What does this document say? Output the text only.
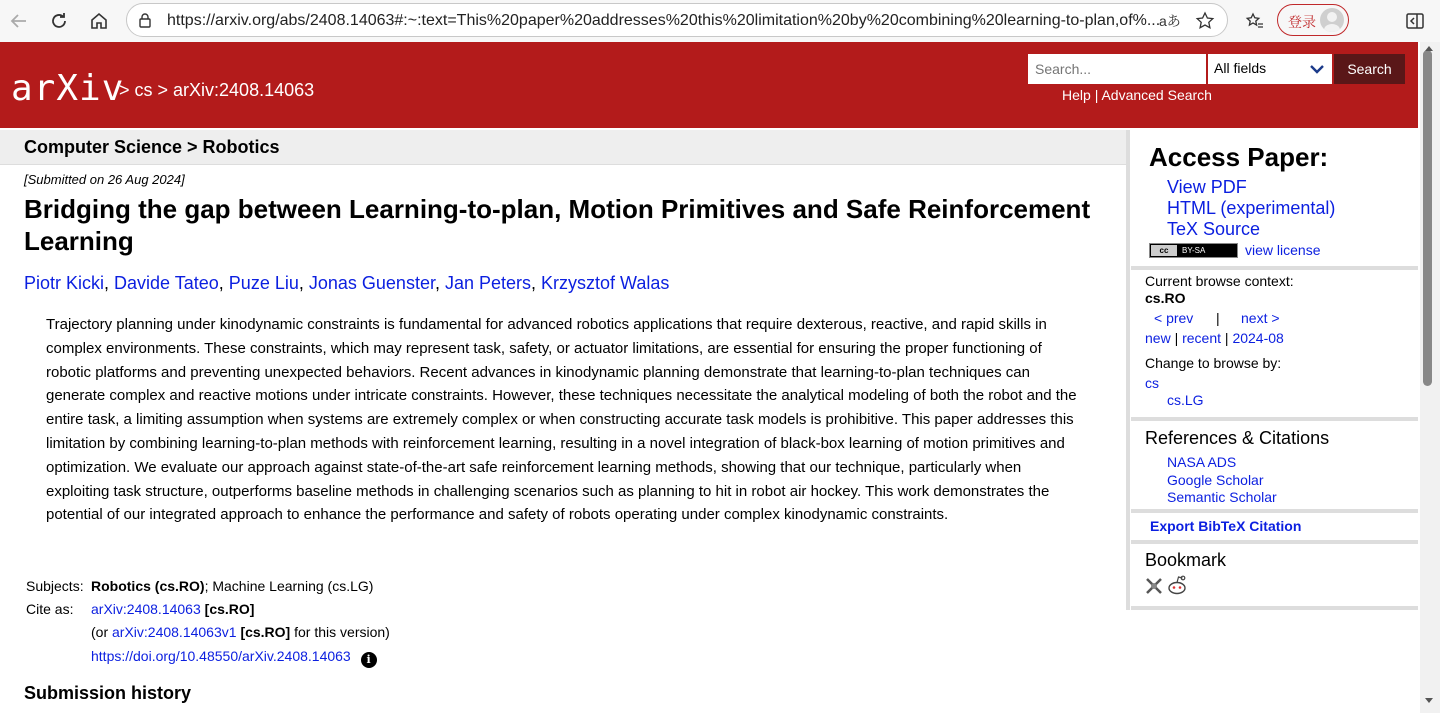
https://arxiv.org/abs/2408.14063#:~:text=This%20paper%20addresses%20this%20limitation%20by%20combining%20learning-to-plan,of%...
aあ	登录
arXiv
> cs > arXiv:2408.14063
Search...
All fields	Search
Help | Advanced Search
Computer Science > Robotics
[Submitted on 26 Aug 2024]
Bridging the gap between Learning-to-plan, Motion Primitives and Safe Reinforcement Learning
Piotr Kicki, Davide Tateo, Puze Liu, Jonas Guenster, Jan Peters, Krzysztof Walas
Trajectory planning under kinodynamic constraints is fundamental for advanced robotics applications that require dexterous, reactive, and rapid skills in complex environments. These constraints, which may represent task, safety, or actuator limitations, are essential for ensuring the proper functioning of robotic platforms and preventing unexpected behaviors. Recent advances in kinodynamic planning demonstrate that learning-to-plan techniques can generate complex and reactive motions under intricate constraints. However, these techniques necessitate the analytical modeling of both the robot and the entire task, a limiting assumption when systems are extremely complex or when constructing accurate task models is prohibitive. This paper addresses this limitation by combining learning-to-plan methods with reinforcement learning, resulting in a novel integration of black-box learning of motion primitives and optimization. We evaluate our approach against state-of-the-art safe reinforcement learning methods, showing that our technique, particularly when exploiting task structure, outperforms baseline methods in challenging scenarios such as planning to hit in robot air hockey. This work demonstrates the potential of our integrated approach to enhance the performance and safety of robots operating under complex kinodynamic constraints.
Subjects: Robotics (cs.RO); Machine Learning (cs.LG)
Cite as: arXiv:2408.14063 [cs.RO]
(or arXiv:2408.14063v1 [cs.RO] for this version)
https://doi.org/10.48550/arXiv.2408.14063 i
Submission history
Access Paper:
View PDF
HTML (experimental)
TeX Source
cc	BY-SA	view license
Current browse context:
cs.RO
< prev | next >
new | recent | 2024-08
Change to browse by:
cs
cs.LG
References & Citations
NASA ADS
Google Scholar
Semantic Scholar
Export BibTeX Citation
Bookmark
